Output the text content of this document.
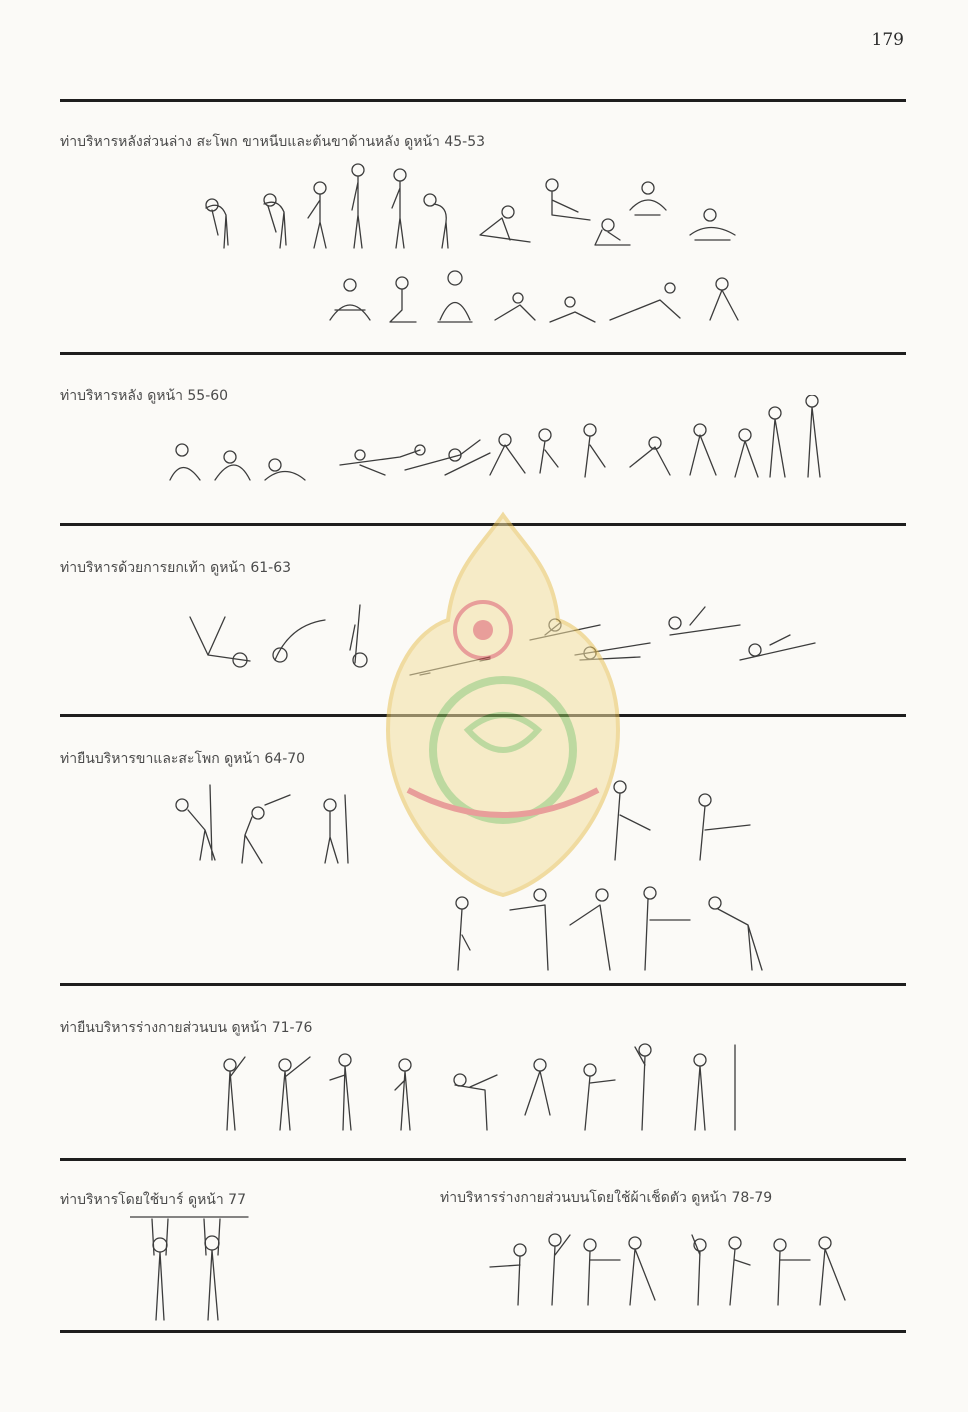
179
ท่าบริหารหลังส่วนล่าง สะโพก ขาหนีบและต้นขาด้านหลัง ดูหน้า 45-53
ท่าบริหารหลัง ดูหน้า 55-60
ท่าบริหารด้วยการยกเท้า ดูหน้า 61-63
ท่ายืนบริหารขาและสะโพก ดูหน้า 64-70
ท่ายืนบริหารร่างกายส่วนบน ดูหน้า 71-76
ท่าบริหารโดยใช้บาร์ ดูหน้า 77	ท่าบริหารร่างกายส่วนบนโดยใช้ผ้าเช็ดตัว ดูหน้า 78-79
